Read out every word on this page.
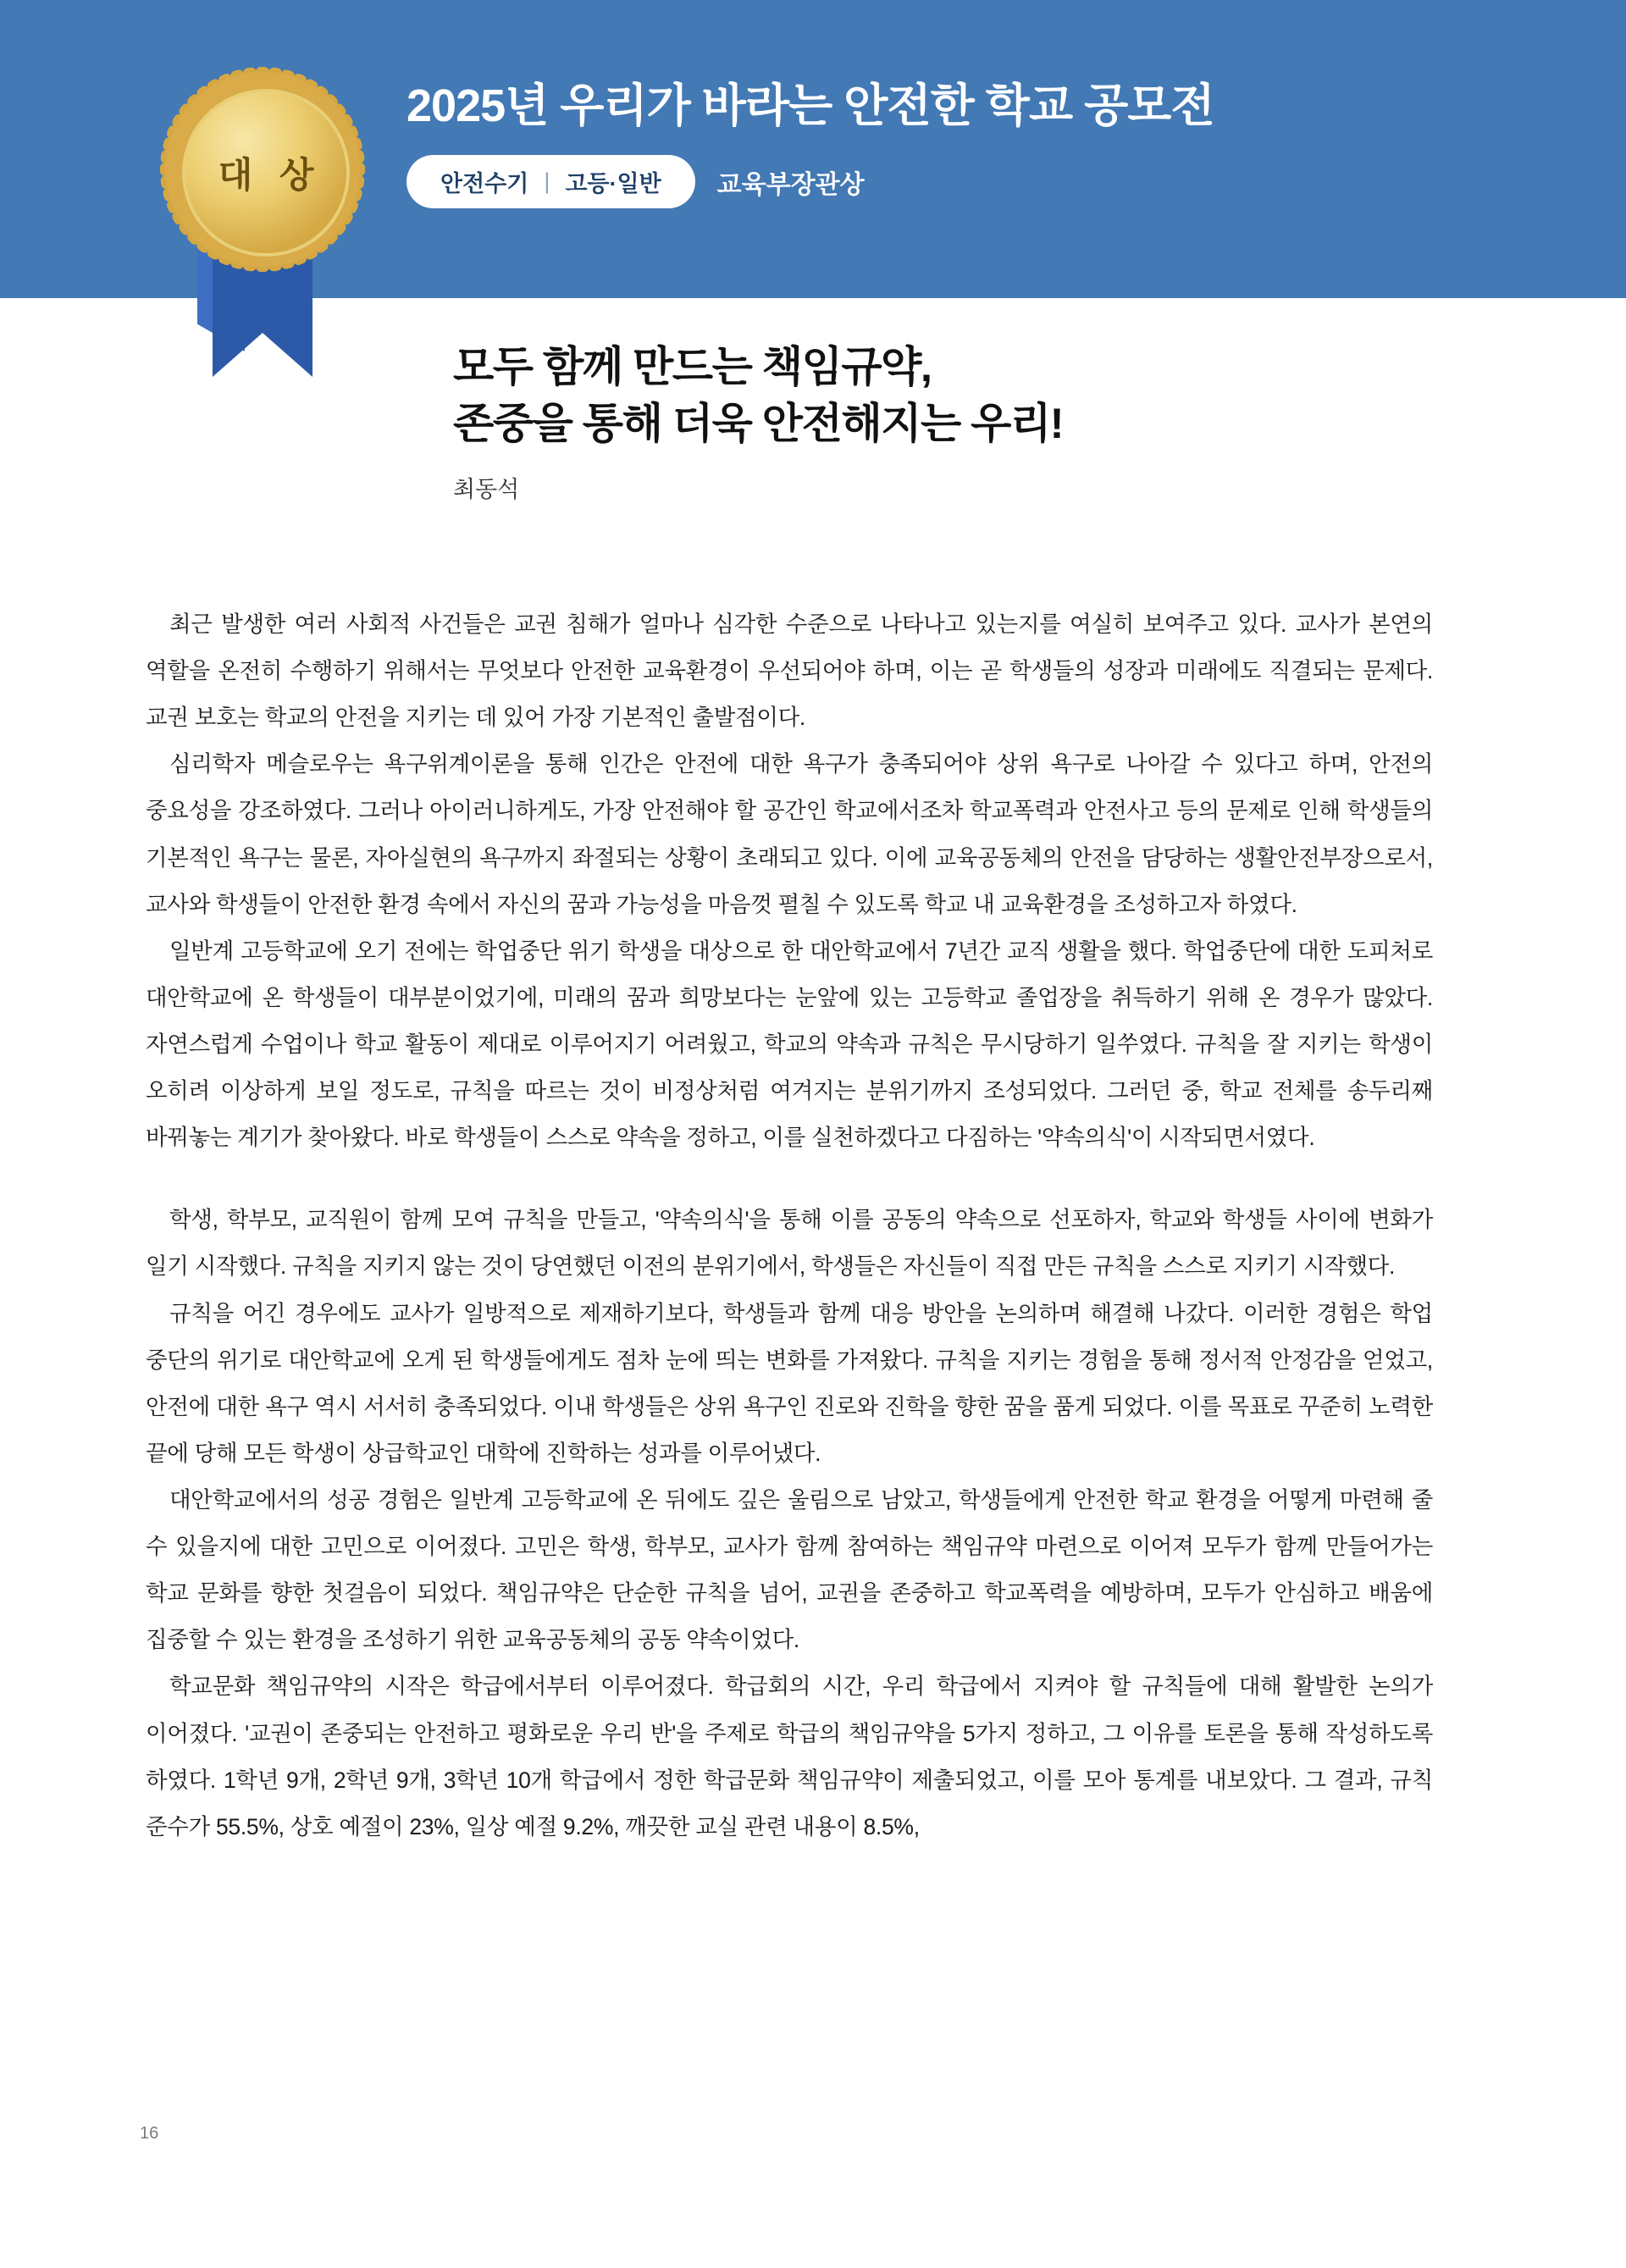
2025년 우리가 바라는 안전한 학교 공모전
안전수기 | 고등·일반 교육부장관상
대 상
모두 함께 만드는 책임규약,
존중을 통해 더욱 안전해지는 우리!
최동석

최근 발생한 여러 사회적 사건들은 교권 침해가 얼마나 심각한 수준으로 나타나고 있는지를 여실히 보여주고 있다. 교사가 본연의 역할을 온전히 수행하기 위해서는 무엇보다 안전한 교육환경이 우선되어야 하며, 이는 곧 학생들의 성장과 미래에도 직결되는 문제다. 교권 보호는 학교의 안전을 지키는 데 있어 가장 기본적인 출발점이다.

심리학자 메슬로우는 욕구위계이론을 통해 인간은 안전에 대한 욕구가 충족되어야 상위 욕구로 나아갈 수 있다고 하며, 안전의 중요성을 강조하였다. 그러나 아이러니하게도, 가장 안전해야 할 공간인 학교에서조차 학교폭력과 안전사고 등의 문제로 인해 학생들의 기본적인 욕구는 물론, 자아실현의 욕구까지 좌절되는 상황이 초래되고 있다. 이에 교육공동체의 안전을 담당하는 생활안전부장으로서, 교사와 학생들이 안전한 환경 속에서 자신의 꿈과 가능성을 마음껏 펼칠 수 있도록 학교 내 교육환경을 조성하고자 하였다.

일반계 고등학교에 오기 전에는 학업중단 위기 학생을 대상으로 한 대안학교에서 7년간 교직 생활을 했다. 학업중단에 대한 도피처로 대안학교에 온 학생들이 대부분이었기에, 미래의 꿈과 희망보다는 눈앞에 있는 고등학교 졸업장을 취득하기 위해 온 경우가 많았다. 자연스럽게 수업이나 학교 활동이 제대로 이루어지기 어려웠고, 학교의 약속과 규칙은 무시당하기 일쑤였다. 규칙을 잘 지키는 학생이 오히려 이상하게 보일 정도로, 규칙을 따르는 것이 비정상처럼 여겨지는 분위기까지 조성되었다. 그러던 중, 학교 전체를 송두리째 바꿔놓는 계기가 찾아왔다. 바로 학생들이 스스로 약속을 정하고, 이를 실천하겠다고 다짐하는 '약속의식'이 시작되면서였다.

학생, 학부모, 교직원이 함께 모여 규칙을 만들고, '약속의식'을 통해 이를 공동의 약속으로 선포하자, 학교와 학생들 사이에 변화가 일기 시작했다. 규칙을 지키지 않는 것이 당연했던 이전의 분위기에서, 학생들은 자신들이 직접 만든 규칙을 스스로 지키기 시작했다.

규칙을 어긴 경우에도 교사가 일방적으로 제재하기보다, 학생들과 함께 대응 방안을 논의하며 해결해 나갔다. 이러한 경험은 학업 중단의 위기로 대안학교에 오게 된 학생들에게도 점차 눈에 띄는 변화를 가져왔다. 규칙을 지키는 경험을 통해 정서적 안정감을 얻었고, 안전에 대한 욕구 역시 서서히 충족되었다. 이내 학생들은 상위 욕구인 진로와 진학을 향한 꿈을 품게 되었다. 이를 목표로 꾸준히 노력한 끝에 당해 모든 학생이 상급학교인 대학에 진학하는 성과를 이루어냈다.

대안학교에서의 성공 경험은 일반계 고등학교에 온 뒤에도 깊은 울림으로 남았고, 학생들에게 안전한 학교 환경을 어떻게 마련해 줄 수 있을지에 대한 고민으로 이어졌다. 고민은 학생, 학부모, 교사가 함께 참여하는 책임규약 마련으로 이어져 모두가 함께 만들어가는 학교 문화를 향한 첫걸음이 되었다. 책임규약은 단순한 규칙을 넘어, 교권을 존중하고 학교폭력을 예방하며, 모두가 안심하고 배움에 집중할 수 있는 환경을 조성하기 위한 교육공동체의 공동 약속이었다.

학교문화 책임규약의 시작은 학급에서부터 이루어졌다. 학급회의 시간, 우리 학급에서 지켜야 할 규칙들에 대해 활발한 논의가 이어졌다. '교권이 존중되는 안전하고 평화로운 우리 반'을 주제로 학급의 책임규약을 5가지 정하고, 그 이유를 토론을 통해 작성하도록 하였다. 1학년 9개, 2학년 9개, 3학년 10개 학급에서 정한 학급문화 책임규약이 제출되었고, 이를 모아 통계를 내보았다. 그 결과, 규칙 준수가 55.5%, 상호 예절이 23%, 일상 예절 9.2%, 깨끗한 교실 관련 내용이 8.5%,

16
